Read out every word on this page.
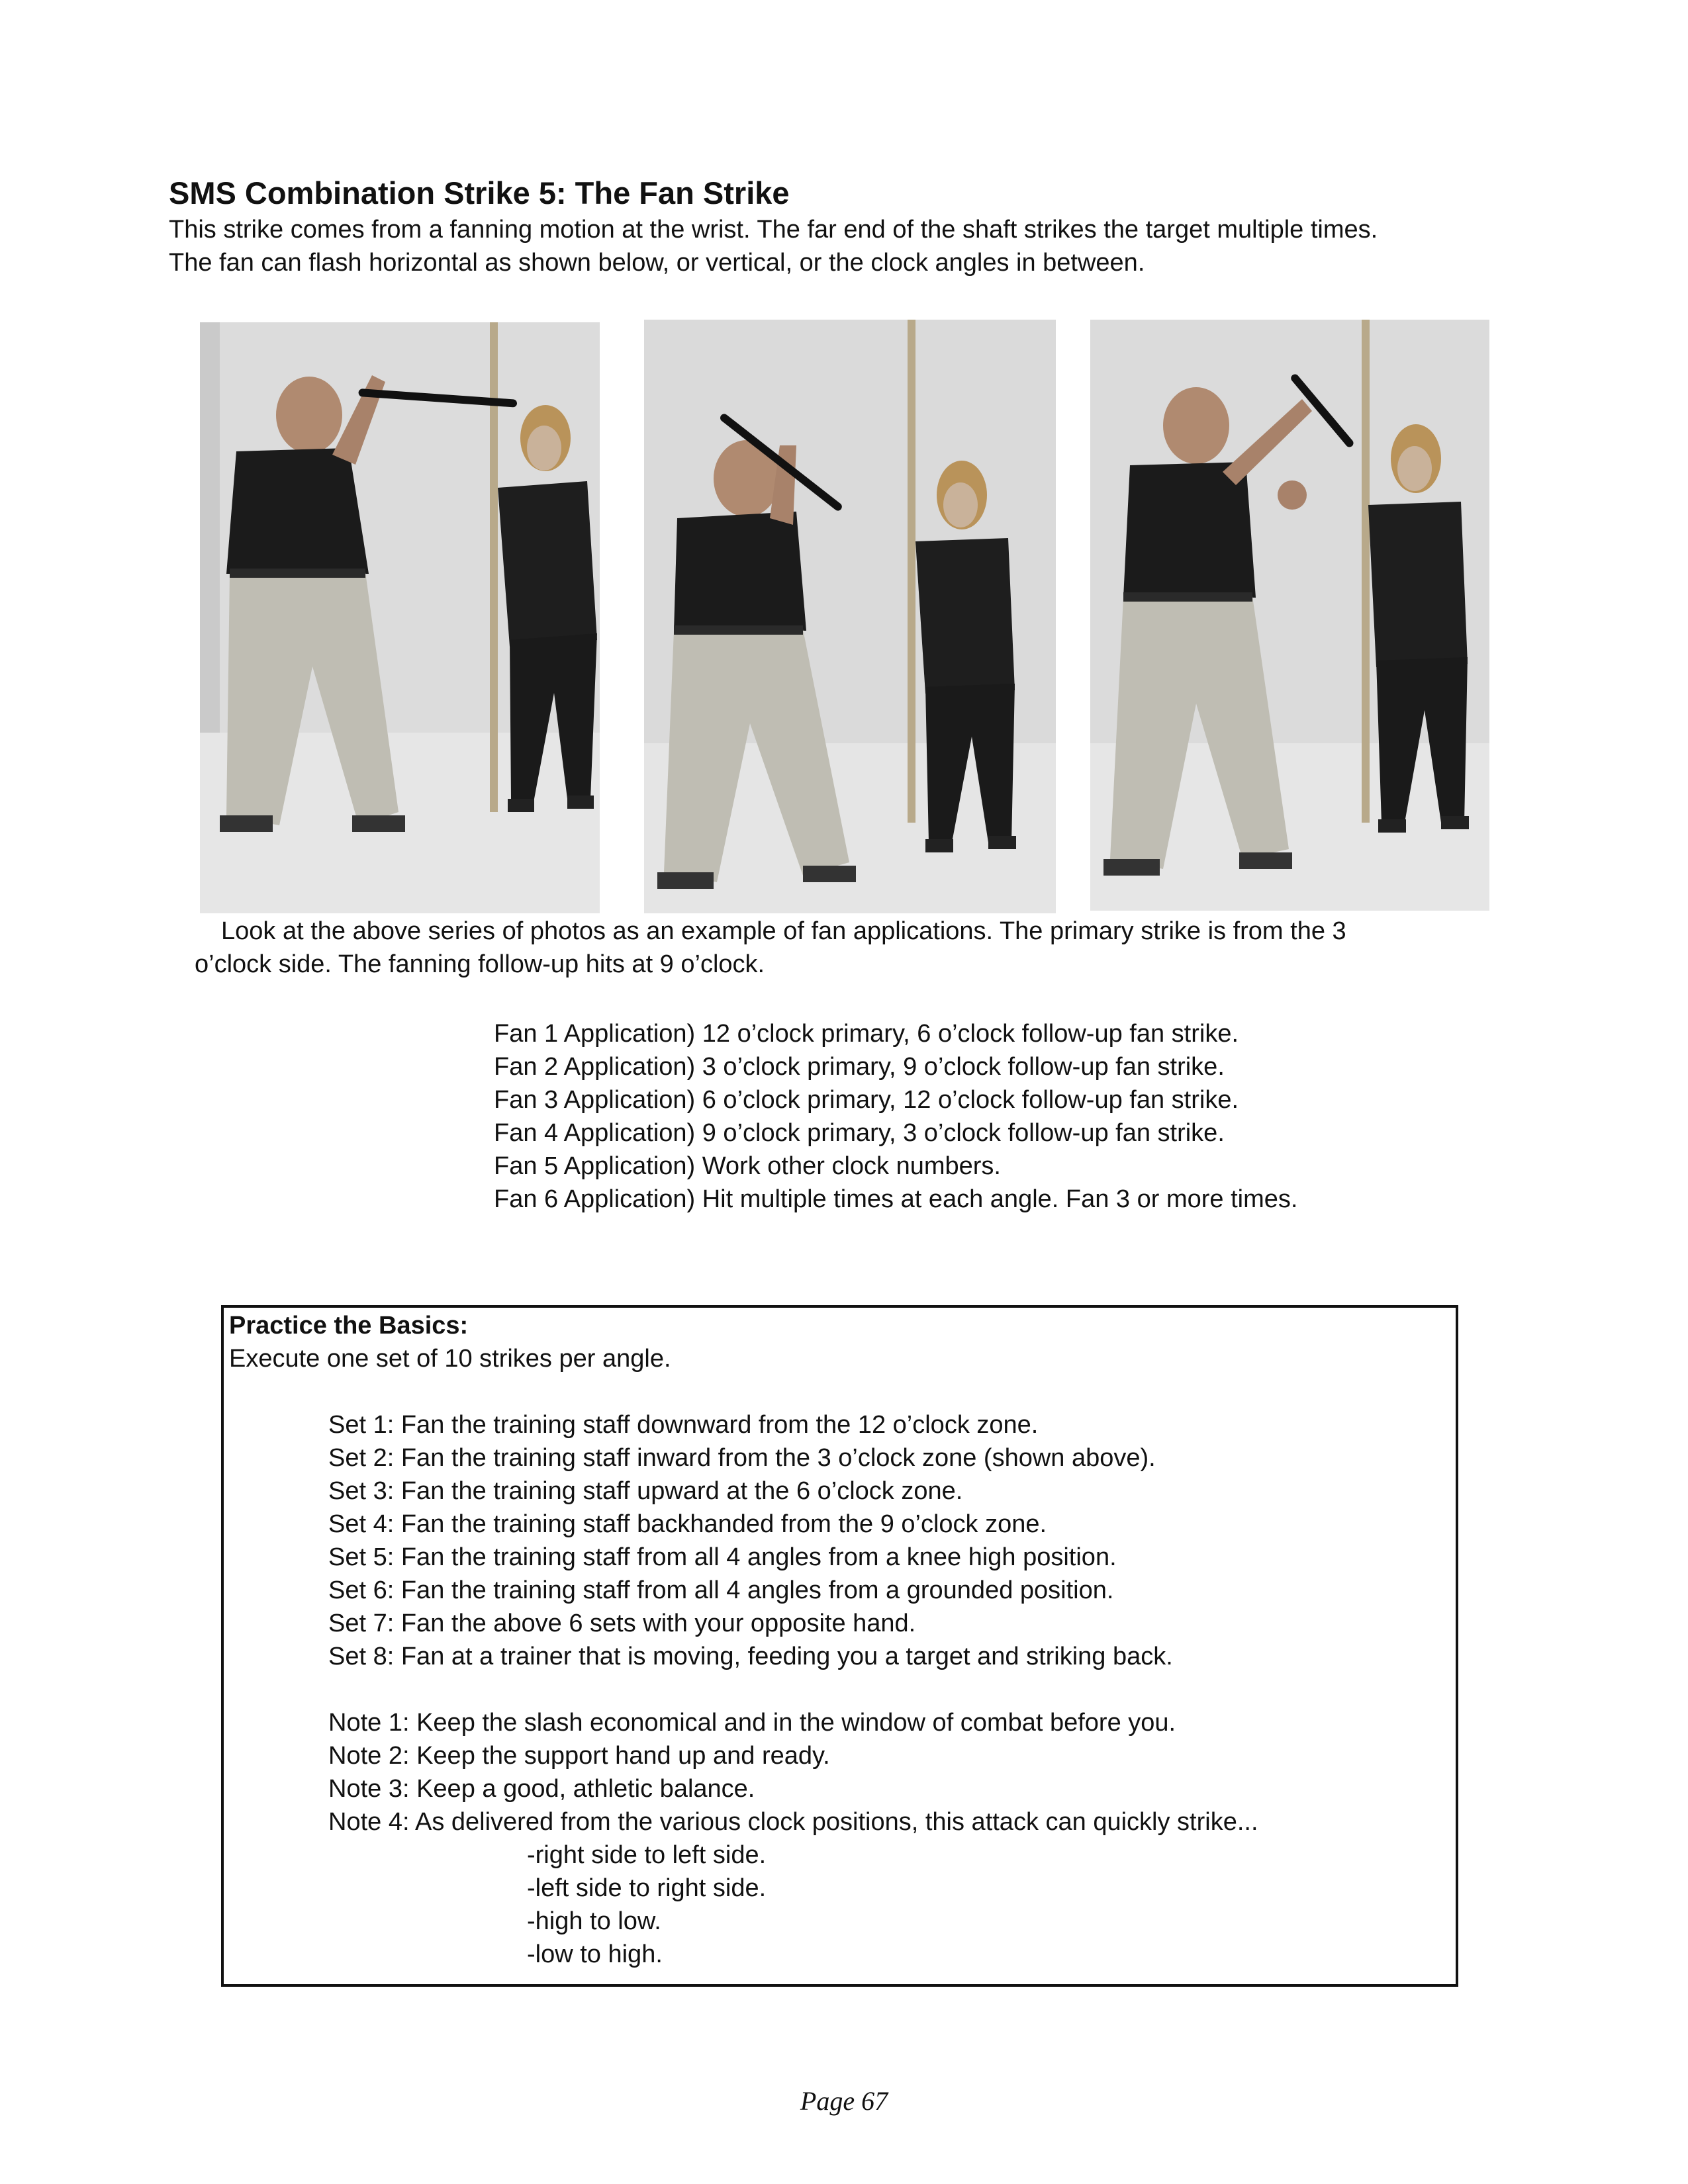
SMS Combination Strike 5: The Fan Strike
This strike comes from a fanning motion at the wrist. The far end of the shaft strikes the target multiple times.
The fan can flash horizontal as shown below, or vertical, or the clock angles in between.
Look at the above series of photos as an example of fan applications. The primary strike is from the 3
o’clock side. The fanning follow-up hits at 9 o’clock.
Fan 1 Application) 12 o’clock primary, 6 o’clock follow-up fan strike.
Fan 2 Application) 3 o’clock primary, 9 o’clock follow-up fan strike.
Fan 3 Application) 6 o’clock primary, 12 o’clock follow-up fan strike.
Fan 4 Application) 9 o’clock primary, 3 o’clock follow-up fan strike.
Fan 5 Application) Work other clock numbers.
Fan 6 Application) Hit multiple times at each angle. Fan 3 or more times.
Practice the Basics:
Execute one set of 10 strikes per angle.
Set 1: Fan the training staff downward from the 12 o’clock zone.
Set 2: Fan the training staff inward from the 3 o’clock zone (shown above).
Set 3: Fan the training staff upward at the 6 o’clock zone.
Set 4: Fan the training staff backhanded from the 9 o’clock zone.
Set 5: Fan the training staff from all 4 angles from a knee high position.
Set 6: Fan the training staff from all 4 angles from a grounded position.
Set 7: Fan the above 6 sets with your opposite hand.
Set 8: Fan at a trainer that is moving, feeding you a target and striking back.
Note 1: Keep the slash economical and in the window of combat before you.
Note 2: Keep the support hand up and ready.
Note 3: Keep a good, athletic balance.
Note 4: As delivered from the various clock positions, this attack can quickly strike...
-right side to left side.
-left side to right side.
-high to low.
-low to high.
Page 67
